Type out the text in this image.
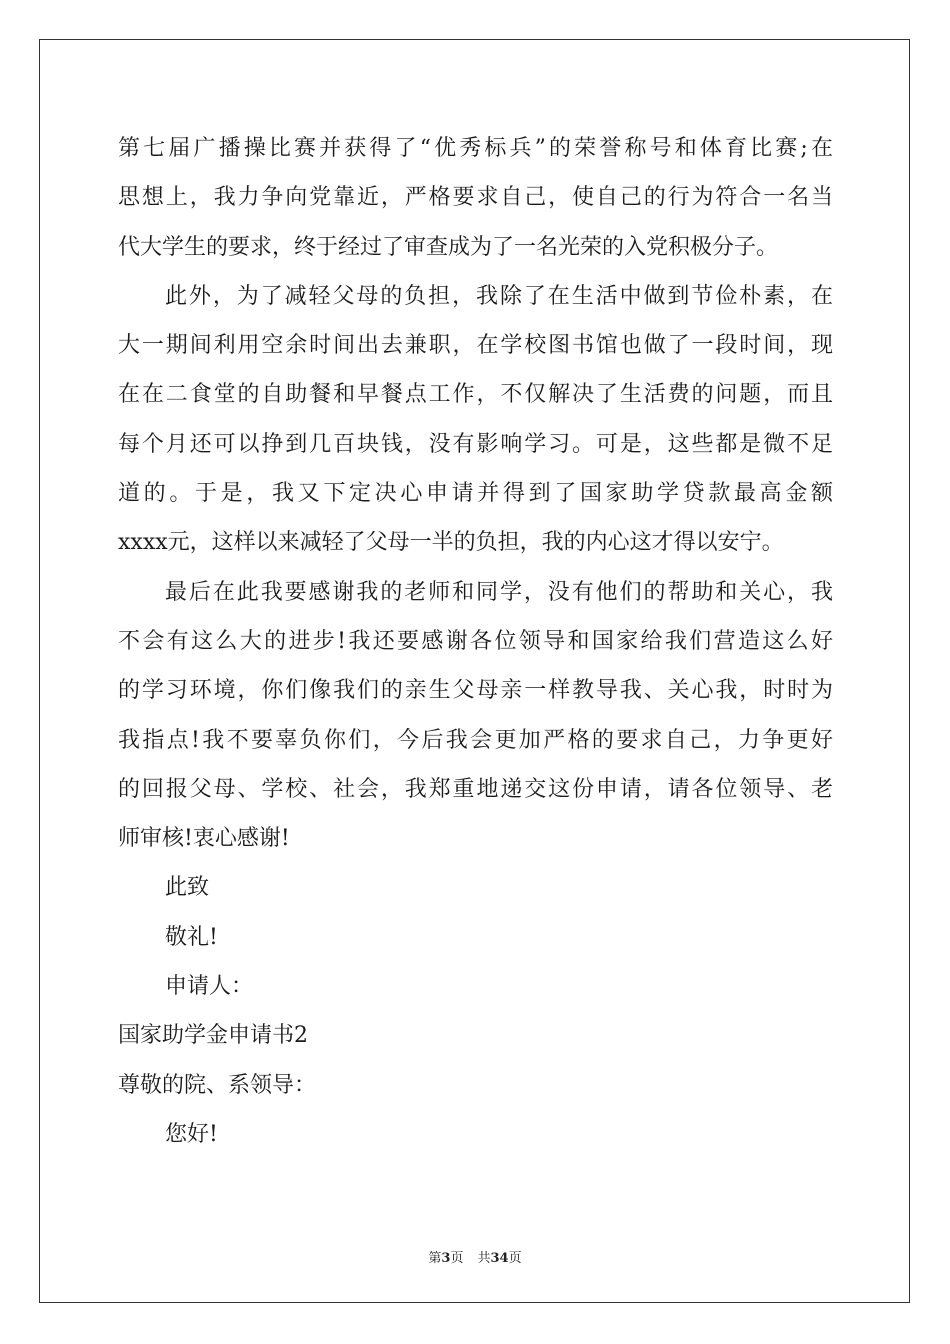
第七届广播操比赛并获得了“优秀标兵”的荣誉称号和体育比赛;在
思想上，我力争向党靠近，严格要求自己，使自己的行为符合一名当
代大学生的要求，终于经过了审查成为了一名光荣的入党积极分子。
此外，为了减轻父母的负担，我除了在生活中做到节俭朴素，在
大一期间利用空余时间出去兼职，在学校图书馆也做了一段时间，现
在在二食堂的自助餐和早餐点工作，不仅解决了生活费的问题，而且
每个月还可以挣到几百块钱，没有影响学习。可是，这些都是微不足
道的。于是，我又下定决心申请并得到了国家助学贷款最高金额
xxxx元，这样以来减轻了父母一半的负担，我的内心这才得以安宁。
最后在此我要感谢我的老师和同学，没有他们的帮助和关心，我
不会有这么大的进步!我还要感谢各位领导和国家给我们营造这么好
的学习环境，你们像我们的亲生父母亲一样教导我、关心我，时时为
我指点!我不要辜负你们，今后我会更加严格的要求自己，力争更好
的回报父母、学校、社会，我郑重地递交这份申请，请各位领导、老
师审核!衷心感谢!
此致
敬礼!
申请人：
国家助学金申请书2
尊敬的院、系领导：
您好!
第3页 共34页
